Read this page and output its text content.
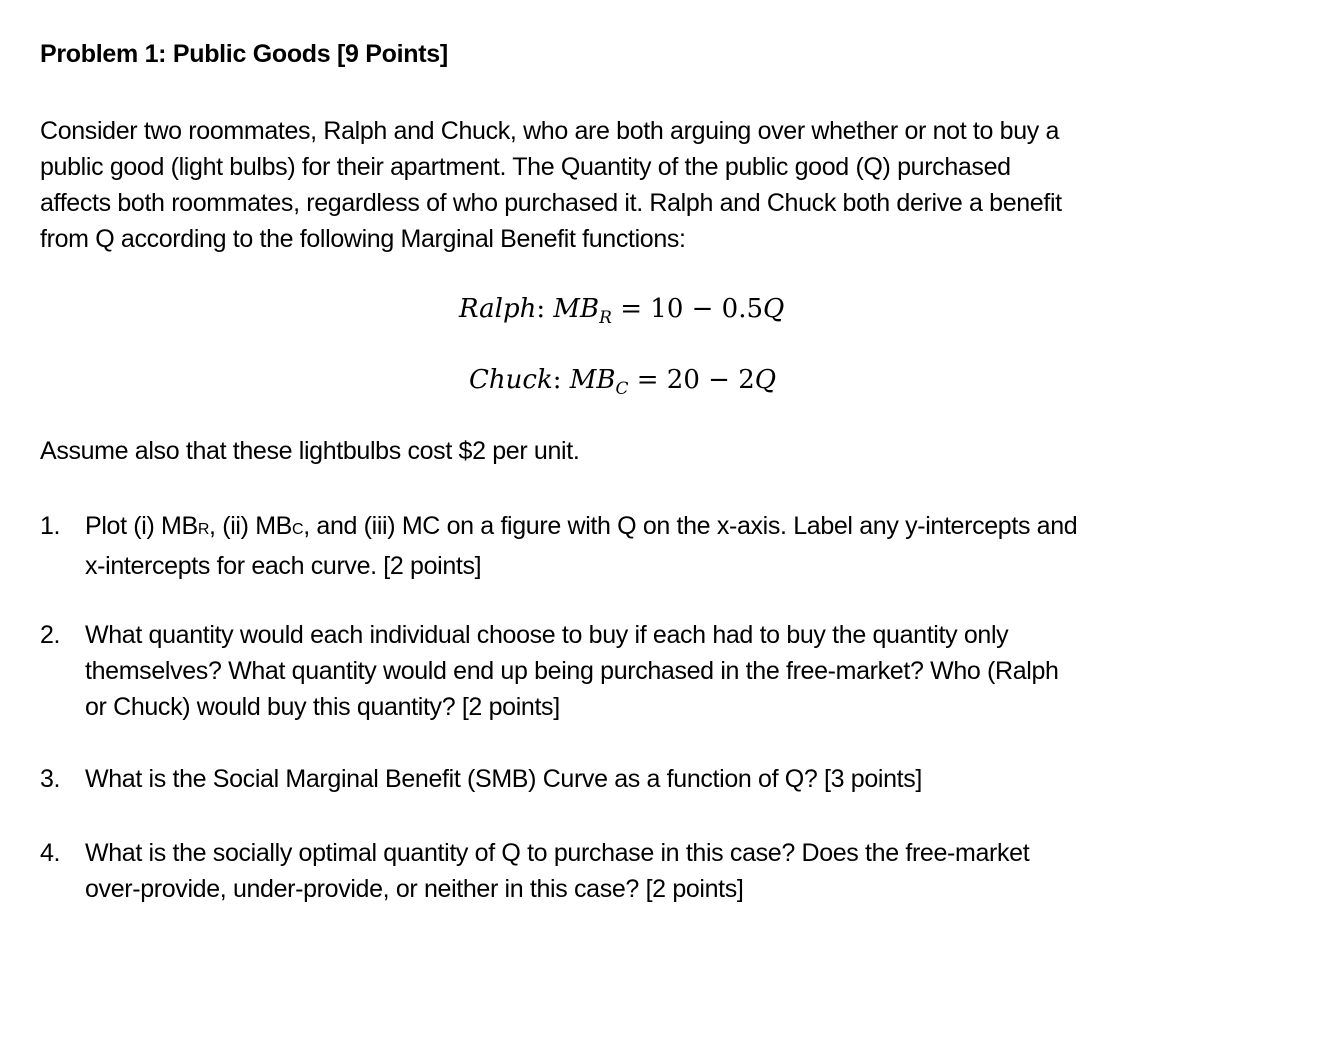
Problem 1: Public Goods [9 Points]
Consider two roommates, Ralph and Chuck, who are both arguing over whether or not to buy a
public good (light bulbs) for their apartment. The Quantity of the public good (Q) purchased
affects both roommates, regardless of who purchased it. Ralph and Chuck both derive a benefit
from Q according to the following Marginal Benefit functions:
Ralph: $MB_R = 10 - 0.5Q$
Chuck: $MB_C = 20 - 2Q$
Assume also that these lightbulbs cost $2 per unit.
1. Plot (i) MBR, (ii) MBC, and (iii) MC on a figure with Q on the x-axis. Label any y-intercepts and
x-intercepts for each curve. [2 points]
2. What quantity would each individual choose to buy if each had to buy the quantity only
themselves? What quantity would end up being purchased in the free-market? Who (Ralph
or Chuck) would buy this quantity? [2 points]
3. What is the Social Marginal Benefit (SMB) Curve as a function of Q? [3 points]
4. What is the socially optimal quantity of Q to purchase in this case? Does the free-market
over-provide, under-provide, or neither in this case? [2 points]
